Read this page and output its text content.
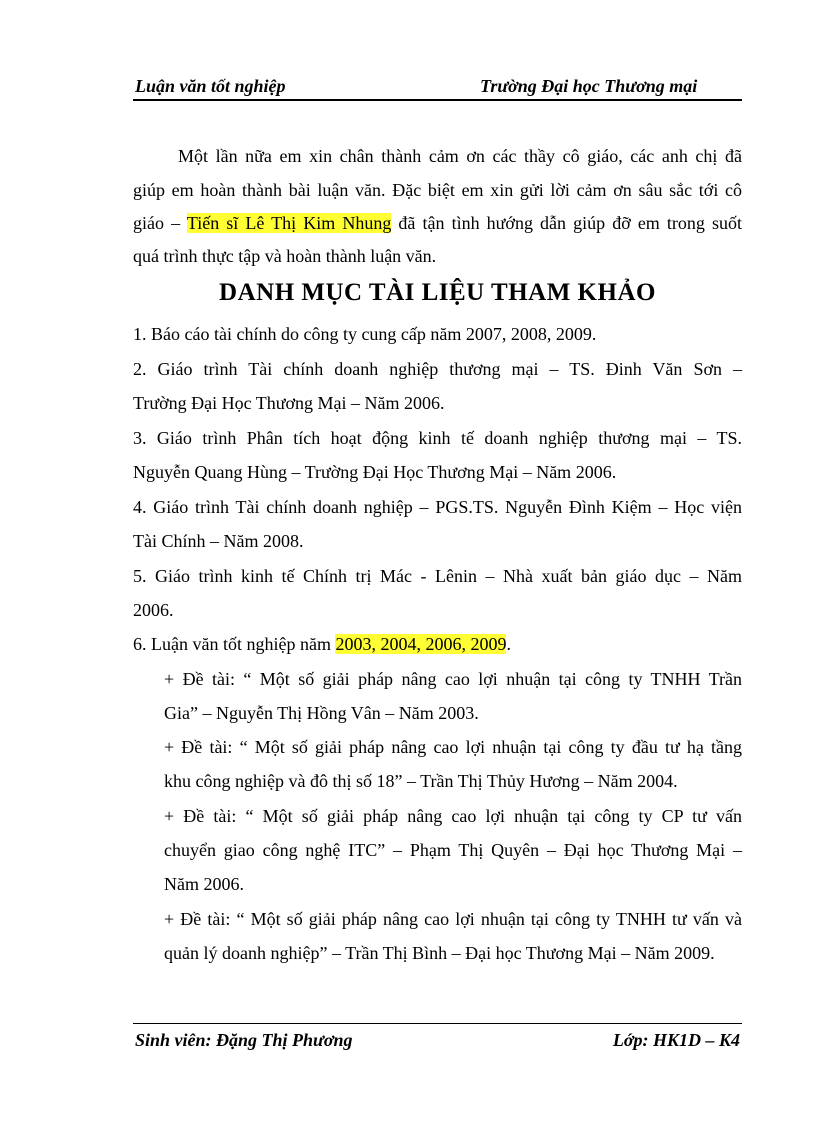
Luận văn tốt nghiệp	Trường Đại học Thương mại
Một lần nữa em xin chân thành cảm ơn các thầy cô giáo, các anh chị đã
giúp em hoàn thành bài luận văn. Đặc biệt em xin gửi lời cảm ơn sâu sắc tới cô
giáo – Tiến sĩ Lê Thị Kim Nhung đã tận tình hướng dẫn giúp đỡ em trong suốt
quá trình thực tập và hoàn thành luận văn.
DANH MỤC TÀI LIỆU THAM KHẢO
1. Báo cáo tài chính do công ty cung cấp năm 2007, 2008, 2009.
2. Giáo trình Tài chính doanh nghiệp thương mại – TS. Đinh Văn Sơn –
Trường Đại Học Thương Mại – Năm 2006.
3. Giáo trình Phân tích hoạt động kinh tế doanh nghiệp thương mại – TS.
Nguyễn Quang Hùng – Trường Đại Học Thương Mại – Năm 2006.
4. Giáo trình Tài chính doanh nghiệp – PGS.TS. Nguyễn Đình Kiệm – Học viện
Tài Chính – Năm 2008.
5. Giáo trình kinh tế Chính trị Mác - Lênin – Nhà xuất bản giáo dục – Năm
2006.
6. Luận văn tốt nghiệp năm 2003, 2004, 2006, 2009.
+ Đề tài: “ Một số giải pháp nâng cao lợi nhuận tại công ty TNHH Trần
Gia” – Nguyễn Thị Hồng Vân – Năm 2003.
+ Đề tài: “ Một số giải pháp nâng cao lợi nhuận tại công ty đầu tư hạ tầng
khu công nghiệp và đô thị số 18” – Trần Thị Thủy Hương – Năm 2004.
+ Đề tài: “ Một số giải pháp nâng cao lợi nhuận tại công ty CP tư vấn
chuyển giao công nghệ ITC” – Phạm Thị Quyên – Đại học Thương Mại –
Năm 2006.
+ Đề tài: “ Một số giải pháp nâng cao lợi nhuận tại công ty TNHH tư vấn và
quản lý doanh nghiệp” – Trần Thị Bình – Đại học Thương Mại – Năm 2009.
Sinh viên: Đặng Thị Phương	Lớp: HK1D – K4
